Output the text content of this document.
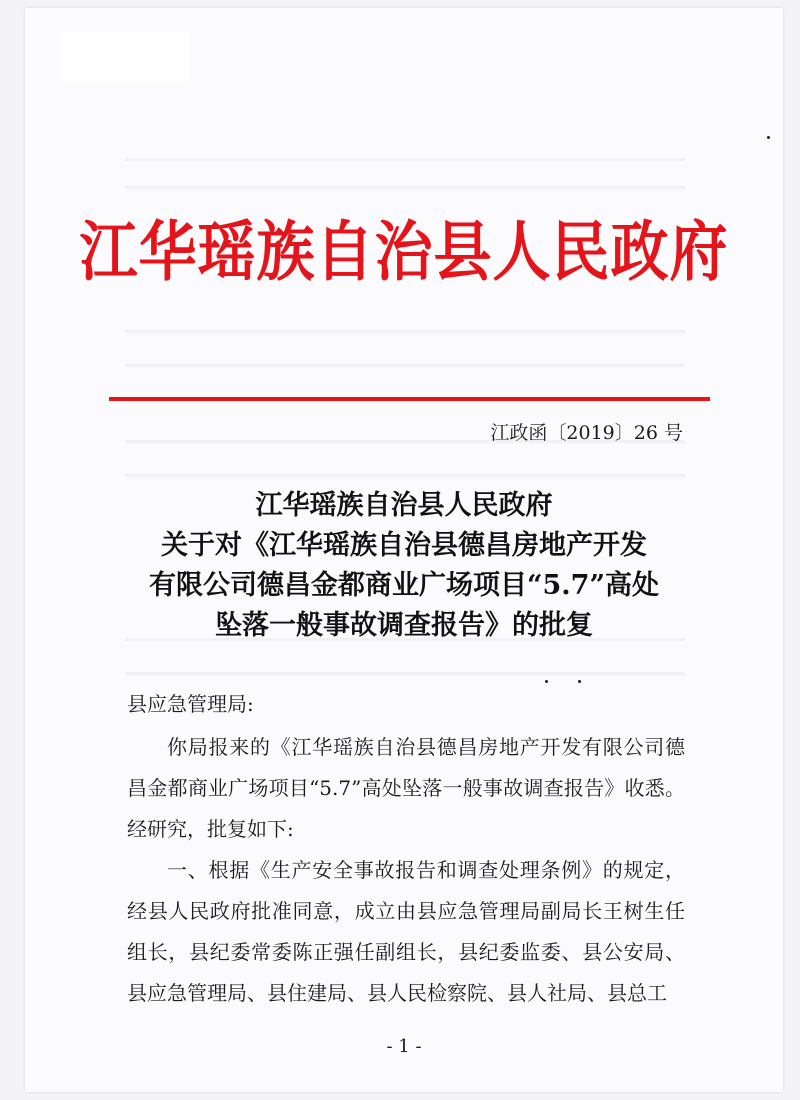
江华瑶族自治县人民政府
江政函〔2019〕26 号
江华瑶族自治县人民政府
关于对《江华瑶族自治县德昌房地产开发
有限公司德昌金都商业广场项目“5.7”高处
坠落一般事故调查报告》的批复
县应急管理局:

你局报来的《江华瑶族自治县德昌房地产开发有限公司德昌金都商业广场项目“5.7”高处坠落一般事故调查报告》收悉。经研究，批复如下:

一、根据《生产安全事故报告和调查处理条例》的规定，经县人民政府批准同意，成立由县应急管理局副局长王树生任组长，县纪委常委陈正强任副组长，县纪委监委、县公安局、县应急管理局、县住建局、县人民检察院、县人社局、县总工

- 1 -
